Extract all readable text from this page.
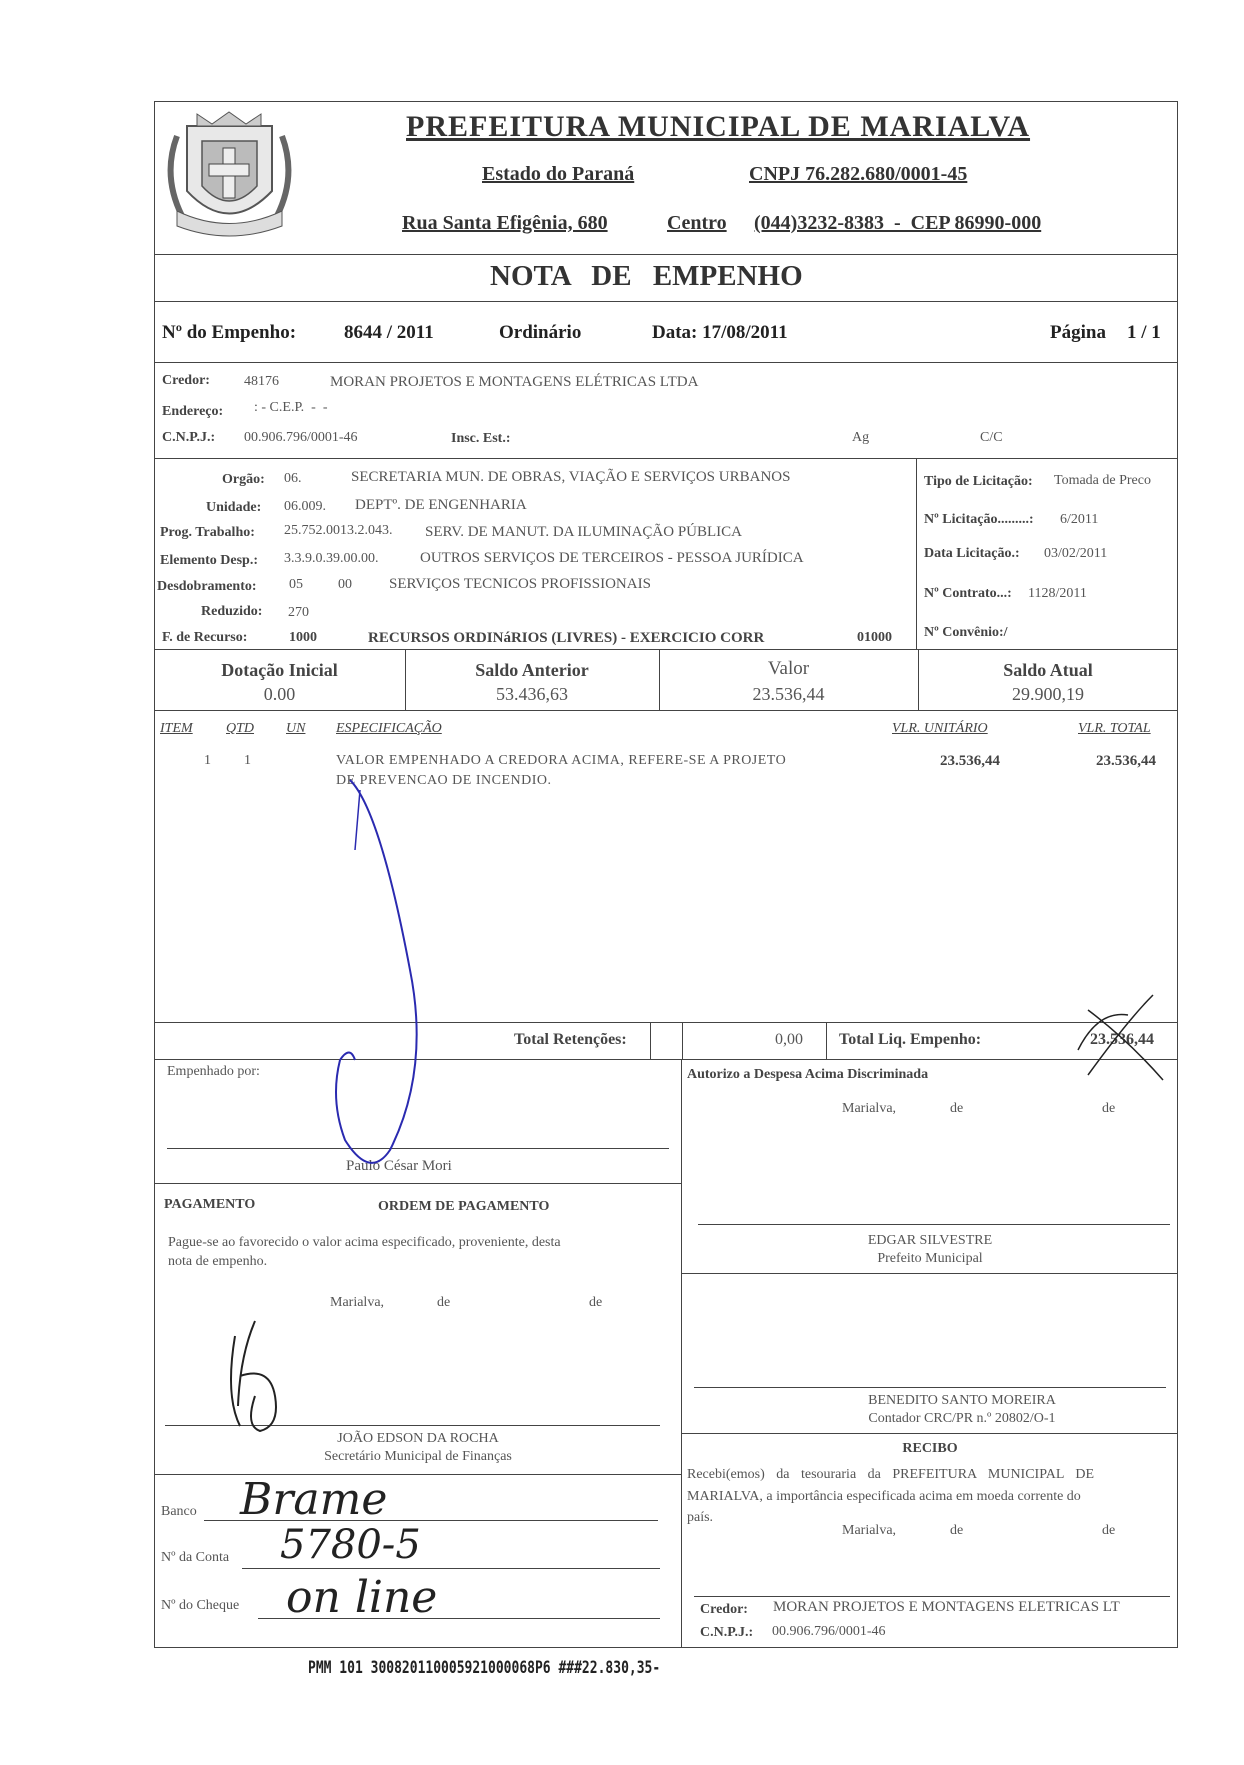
PREFEITURA MUNICIPAL DE MARIALVA
Estado do Paraná	CNPJ 76.282.680/0001-45
Rua Santa Efigênia, 680	Centro (044)3232-8383  -  CEP 86990-000
NOTA DE EMPENHO
Nº do Empenho:	8644 / 2011	Ordinário	Data: 17/08/2011	Página 1 / 1
Credor: 48176	MORAN PROJETOS E MONTAGENS ELÉTRICAS LTDA
Endereço: : - C.E.P.  -  -
C.N.P.J.: 00.906.796/0001-46	Insc. Est.:	Ag	C/C
Orgão: 06.	SECRETARIA MUN. DE OBRAS, VIAÇÃO E SERVIÇOS URBANOS
Unidade: 06.009. DEPTº. DE ENGENHARIA
Prog. Trabalho: 25.752.0013.2.043. SERV. DE MANUT. DA ILUMINAÇÃO PÚBLICA
Elemento Desp.: 3.3.9.0.39.00.00.	OUTROS SERVIÇOS DE TERCEIROS - PESSOA JURÍDICA
Desdobramento: 05	00 SERVIÇOS TECNICOS PROFISSIONAIS
Reduzido: 270
F. de Recurso:	1000	RECURSOS ORDINáRIOS (LIVRES) - EXERCICIO CORR	01000
Tipo de Licitação: Tomada de Preco
Nº Licitação.........: 6/2011
Data Licitação.: 03/02/2011
Nº Contrato...: 1128/2011
Nº Convênio:/
Dotação Inicial
0.00
Saldo Anterior
53.436,63
Valor
23.536,44
Saldo Atual
29.900,19
ITEM QTD UN ESPECIFICAÇÃO	VLR. UNITÁRIO	VLR. TOTAL
1 1	VALOR EMPENHADO A CREDORA ACIMA, REFERE-SE A PROJETO
DE PREVENCAO DE INCENDIO.
23.536,44	23.536,44
Total Retenções:	0,00 Total Liq. Empenho:	23.536,44
Empenhado por:
Paulo César Mori
Autorizo a Despesa Acima Discriminada
Marialva,	de	de
EDGAR SILVESTRE
Prefeito Municipal
PAGAMENTO	ORDEM DE PAGAMENTO
Pague-se ao favorecido o valor acima especificado, proveniente, desta
nota de empenho.
Marialva,	de	de
JOÃO EDSON DA ROCHA
Secretário Municipal de Finanças
BENEDITO SANTO MOREIRA
Contador CRC/PR n.º 20802/O-1
RECIBO
Recebi(emos) da tesouraria da PREFEITURA MUNICIPAL DE
MARIALVA, a importância especificada acima em moeda corrente do
país.
Marialva,	de	de
Credor: MORAN PROJETOS E MONTAGENS ELETRICAS LT
C.N.P.J.: 00.906.796/0001-46
Banco Brame
Nº da Conta 5780-5
Nº do Cheque on line
PMM 101 300820110005921000068P6 ###22.830,35-
